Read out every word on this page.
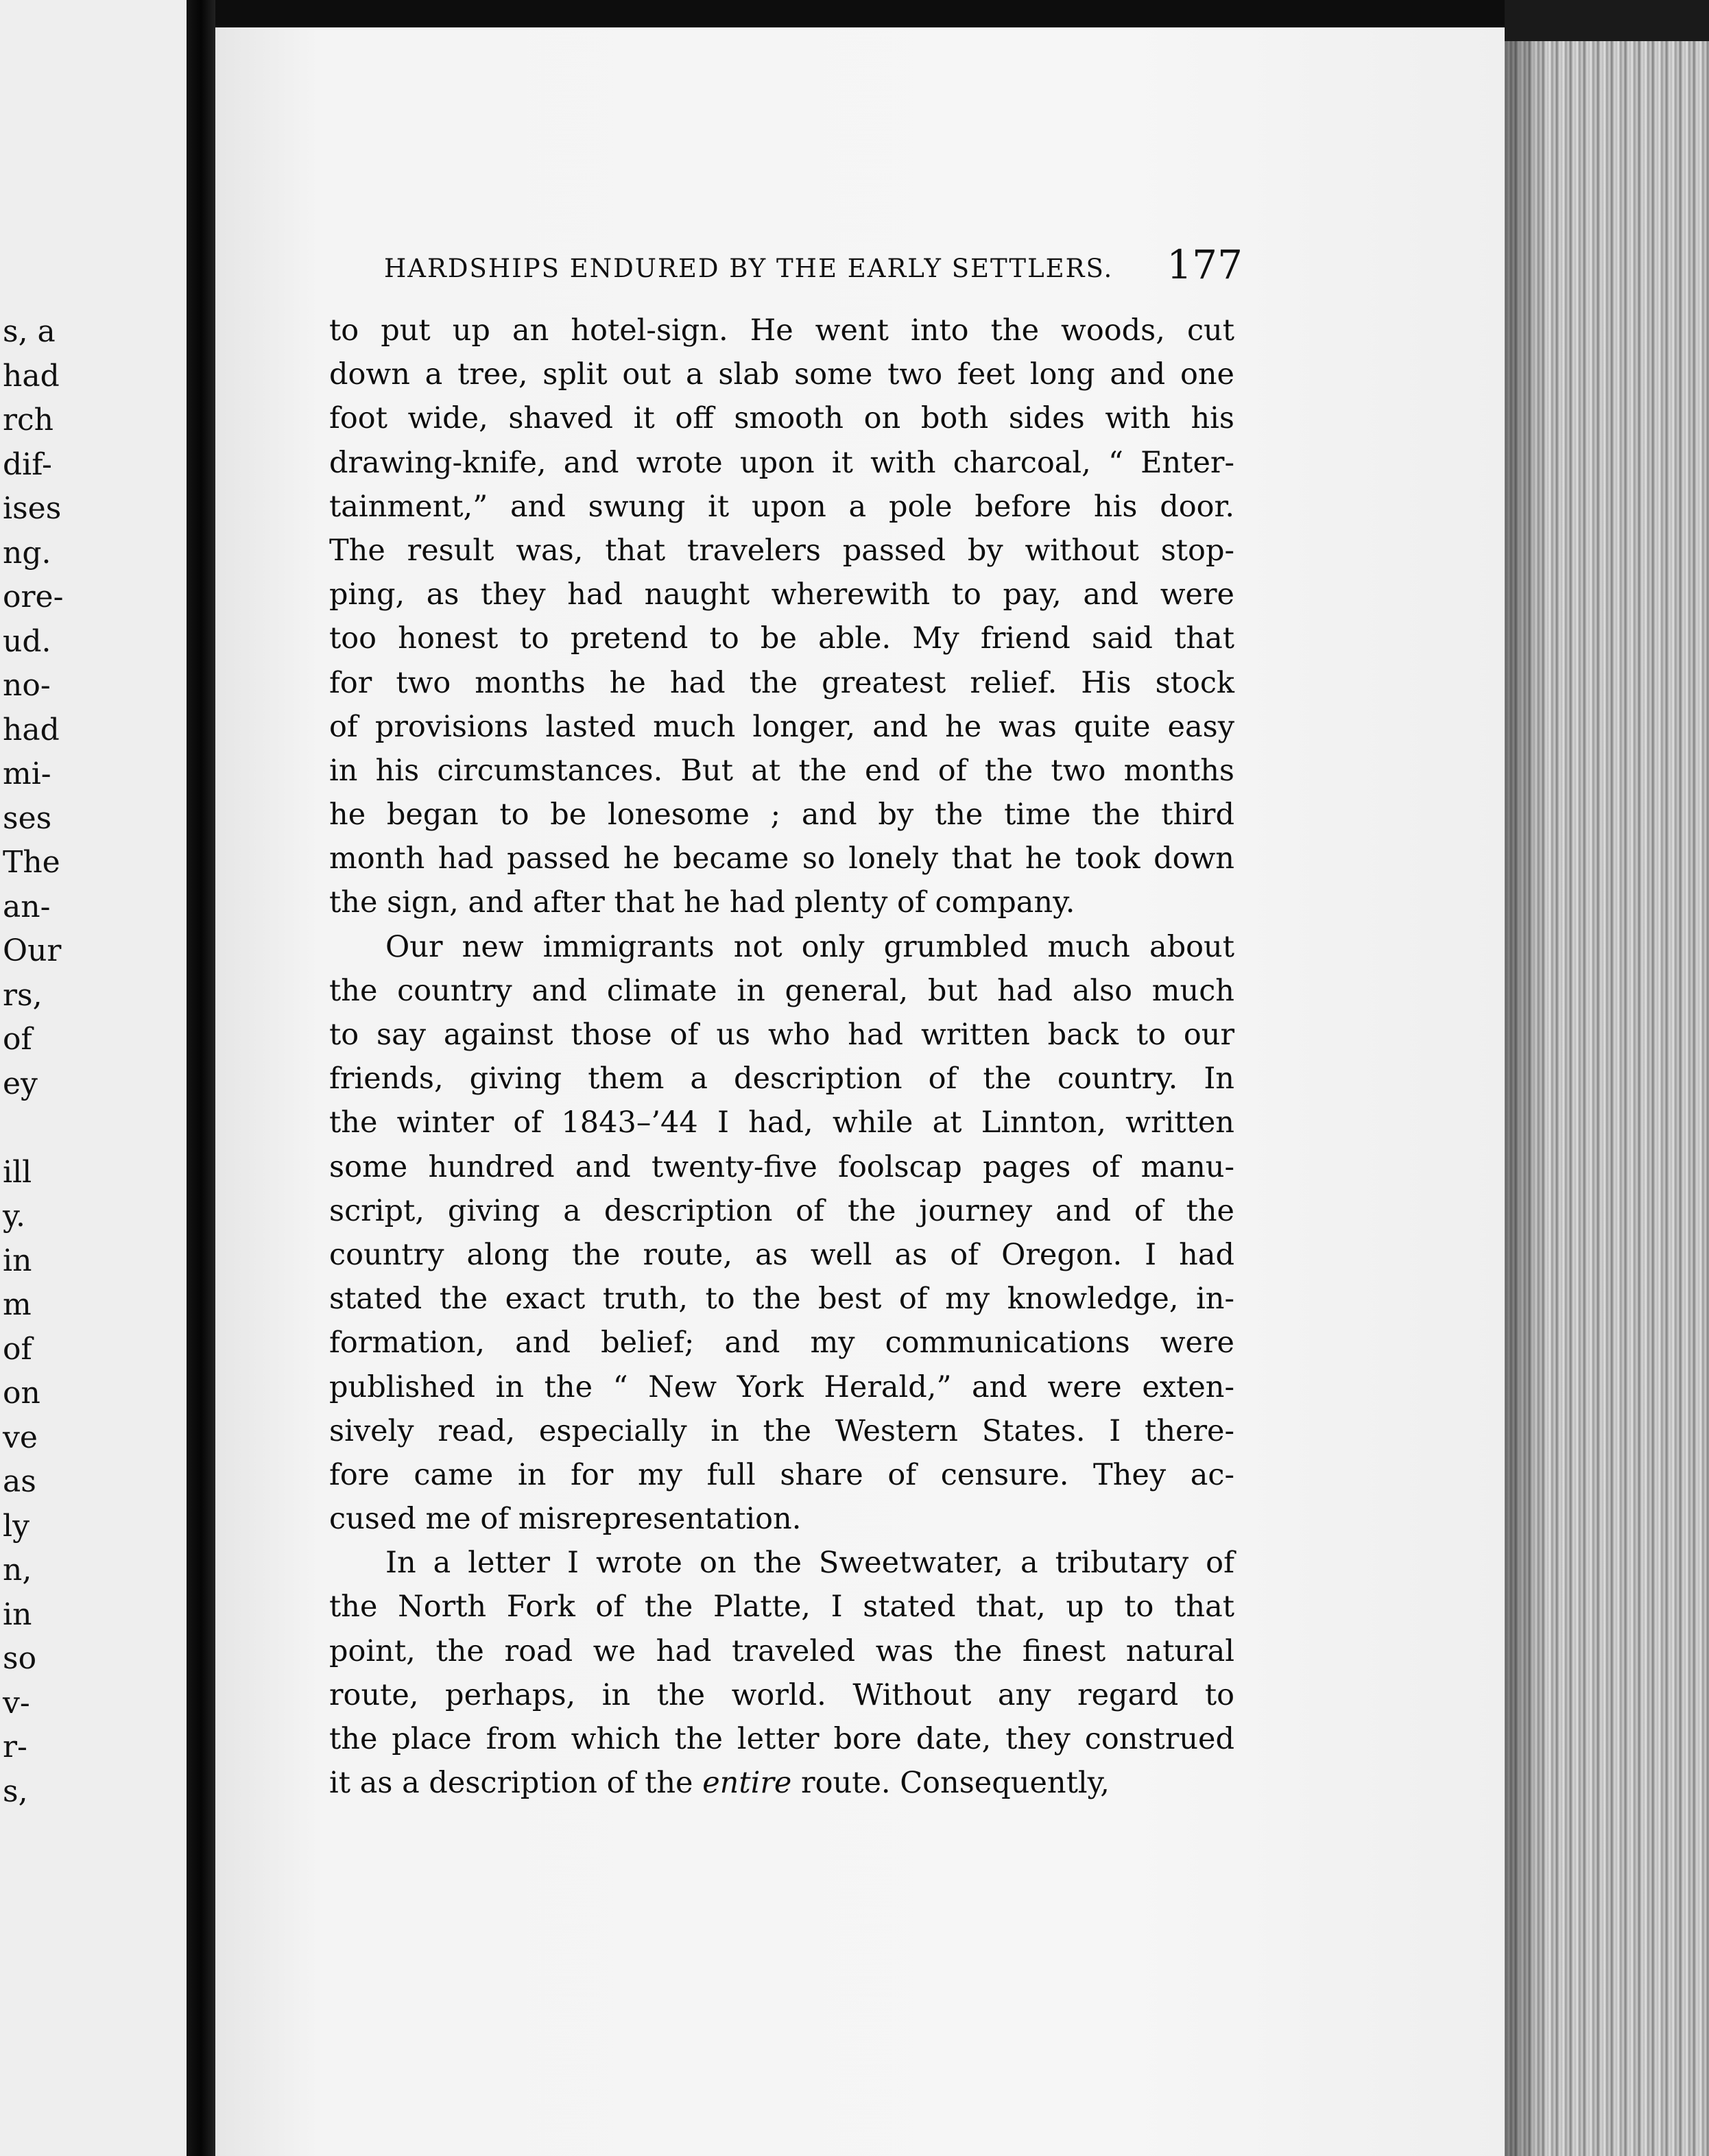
s, a
had
rch
dif-
ises
ng.
ore-
ud.
no-
had
mi-
ses
The
an-
Our
rs,
of
ey
ill
y.
in
m
of
on
ve
as
ly
n,
in
so
v-
r-
s,
HARDSHIPS ENDURED BY THE EARLY SETTLERS. 177
to put up an hotel-sign. He went into the woods, cut
down a tree, split out a slab some two feet long and one
foot wide, shaved it off smooth on both sides with his
drawing-knife, and wrote upon it with charcoal, “ Enter-
tainment,” and swung it upon a pole before his door.
The result was, that travelers passed by without stop-
ping, as they had naught wherewith to pay, and were
too honest to pretend to be able. My friend said that
for two months he had the greatest relief. His stock
of provisions lasted much longer, and he was quite easy
in his circumstances. But at the end of the two months
he began to be lonesome ; and by the time the third
month had passed he became so lonely that he took down
the sign, and after that he had plenty of company.
Our new immigrants not only grumbled much about
the country and climate in general, but had also much
to say against those of us who had written back to our
friends, giving them a description of the country. In
the winter of 1843–’44 I had, while at Linnton, written
some hundred and twenty-five foolscap pages of manu-
script, giving a description of the journey and of the
country along the route, as well as of Oregon. I had
stated the exact truth, to the best of my knowledge, in-
formation, and belief; and my communications were
published in the “ New York Herald,” and were exten-
sively read, especially in the Western States. I there-
fore came in for my full share of censure. They ac-
cused me of misrepresentation.
In a letter I wrote on the Sweetwater, a tributary of
the North Fork of the Platte, I stated that, up to that
point, the road we had traveled was the finest natural
route, perhaps, in the world. Without any regard to
the place from which the letter bore date, they construed
it as a description of the entire route. Consequently,
